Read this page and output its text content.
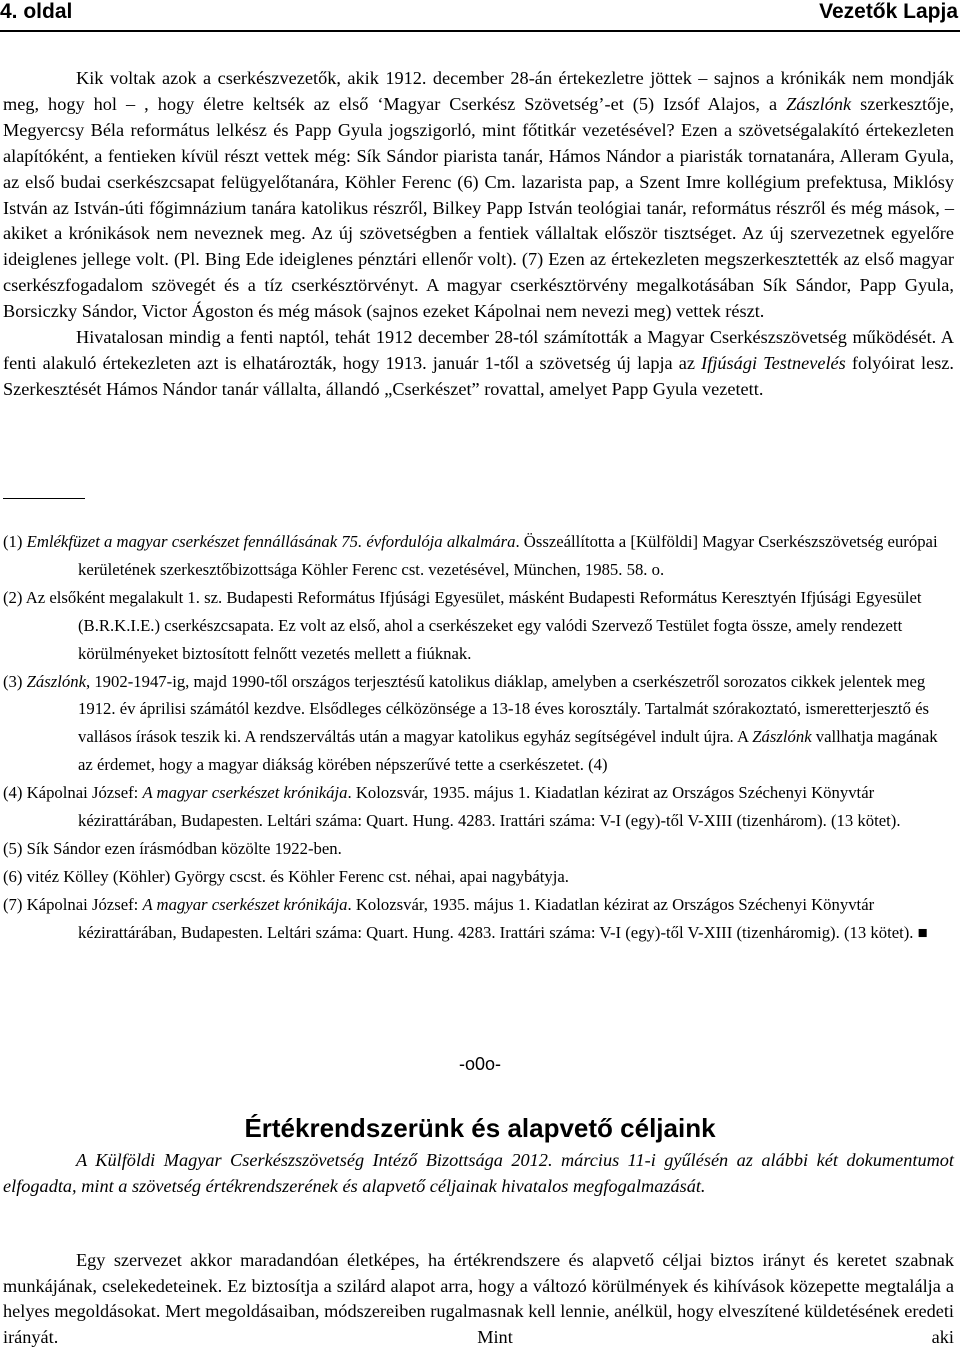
4. oldal	Vezetők Lapja

Kik voltak azok a cserkészvezetők, akik 1912. december 28-án értekezletre jöttek – sajnos a krónikák nem mondják meg, hogy hol – , hogy életre keltsék az első ‘Magyar Cserkész Szövetség’-et (5) Izsóf Alajos, a Zászlónk szerkesztője, Megyercsy Béla református lelkész és Papp Gyula jogszigorló, mint főtitkár vezetésével? Ezen a szövetségalakító értekezleten alapítóként, a fentieken kívül részt vettek még: Sík Sándor piarista tanár, Hámos Nándor a piaristák tornatanára, Alleram Gyula, az első budai cserkészcsapat felügyelőtanára, Köhler Ferenc (6) Cm. lazarista pap, a Szent Imre kollégium prefektusa, Miklósy István az István-úti főgimnázium tanára katolikus részről, Bilkey Papp István teológiai tanár, református részről és még mások, – akiket a krónikások nem neveznek meg. Az új szövetségben a fentiek vállaltak először tisztséget. Az új szervezetnek egyelőre ideiglenes jellege volt. (Pl. Bing Ede ideiglenes pénztári ellenőr volt). (7) Ezen az értekezleten megszerkesztették az első magyar cserkészfogadalom szövegét és a tíz cserkésztörvényt. A magyar cserkésztörvény megalkotásában Sík Sándor, Papp Gyula, Borsiczky Sándor, Victor Ágoston és még mások (sajnos ezeket Kápolnai nem nevezi meg) vettek részt.

Hivatalosan mindig a fenti naptól, tehát 1912 december 28-tól számították a Magyar Cserkészszövetség működését. A fenti alakuló értekezleten azt is elhatározták, hogy 1913. január 1-től a szövetség új lapja az Ifjúsági Testnevelés folyóirat lesz. Szerkesztését Hámos Nándor tanár vállalta, állandó „Cserkészet” rovattal, amelyet Papp Gyula vezetett.

(1) Emlékfüzet a magyar cserkészet fennállásának 75. évfordulója alkalmára. Összeállította a [Külföldi] Magyar Cserkészszövetség európai kerületének szerkesztőbizottsága Köhler Ferenc cst. vezetésével, München, 1985. 58. o.

(2) Az elsőként megalakult 1. sz. Budapesti Református Ifjúsági Egyesület, másként Budapesti Református Keresztyén Ifjúsági Egyesület (B.R.K.I.E.) cserkészcsapata. Ez volt az első, ahol a cserkészeket egy valódi Szervező Testület fogta össze, amely rendezett körülményeket biztosított felnőtt vezetés mellett a fiúknak.

(3) Zászlónk, 1902-1947-ig, majd 1990-től országos terjesztésű katolikus diáklap, amelyben a cserkészetről sorozatos cikkek jelentek meg 1912. év áprilisi számától kezdve. Elsődleges célközönsége a 13-18 éves korosztály. Tartalmát szórakoztató, ismeretterjesztő és vallásos írások teszik ki. A rendszerváltás után a magyar katolikus egyház segítségével indult újra. A Zászlónk vallhatja magának az érdemet, hogy a magyar diákság körében népszerűvé tette a cserkészetet. (4)

(4) Kápolnai József: A magyar cserkészet krónikája. Kolozsvár, 1935. május 1. Kiadatlan kézirat az Országos Széchenyi Könyvtár kézirattárában, Budapesten. Leltári száma: Quart. Hung. 4283. Irattári száma: V-I (egy)-től V-XIII (tizenhárom). (13 kötet).

(5) Sík Sándor ezen írásmódban közölte 1922-ben.

(6) vitéz Kölley (Köhler) György cscst. és Köhler Ferenc cst. néhai, apai nagybátyja.

(7) Kápolnai József: A magyar cserkészet krónikája. Kolozsvár, 1935. május 1. Kiadatlan kézirat az Országos Széchenyi Könyvtár kézirattárában, Budapesten. Leltári száma: Quart. Hung. 4283. Irattári száma: V-I (egy)-től V-XIII (tizenháromig). (13 kötet). ■

-o0o-
Értékrendszerünk és alapvető céljaink

A Külföldi Magyar Cserkészszövetség Intéző Bizottsága 2012. március 11-i gyűlésén az alábbi két dokumentumot elfogadta, mint a szövetség értékrendszerének és alapvető céljainak hivatalos megfogalmazását.

Egy szervezet akkor maradandóan életképes, ha értékrendszere és alapvető céljai biztos irányt és keretet szabnak munkájának, cselekedeteinek. Ez biztosítja a szilárd alapot arra, hogy a változó körülmények és kihívások közepette megtalálja a helyes megoldásokat. Mert megoldásaiban, módszereiben rugalmasnak kell lennie, anélkül, hogy elveszítené küldetésének eredeti irányát. Mint aki
